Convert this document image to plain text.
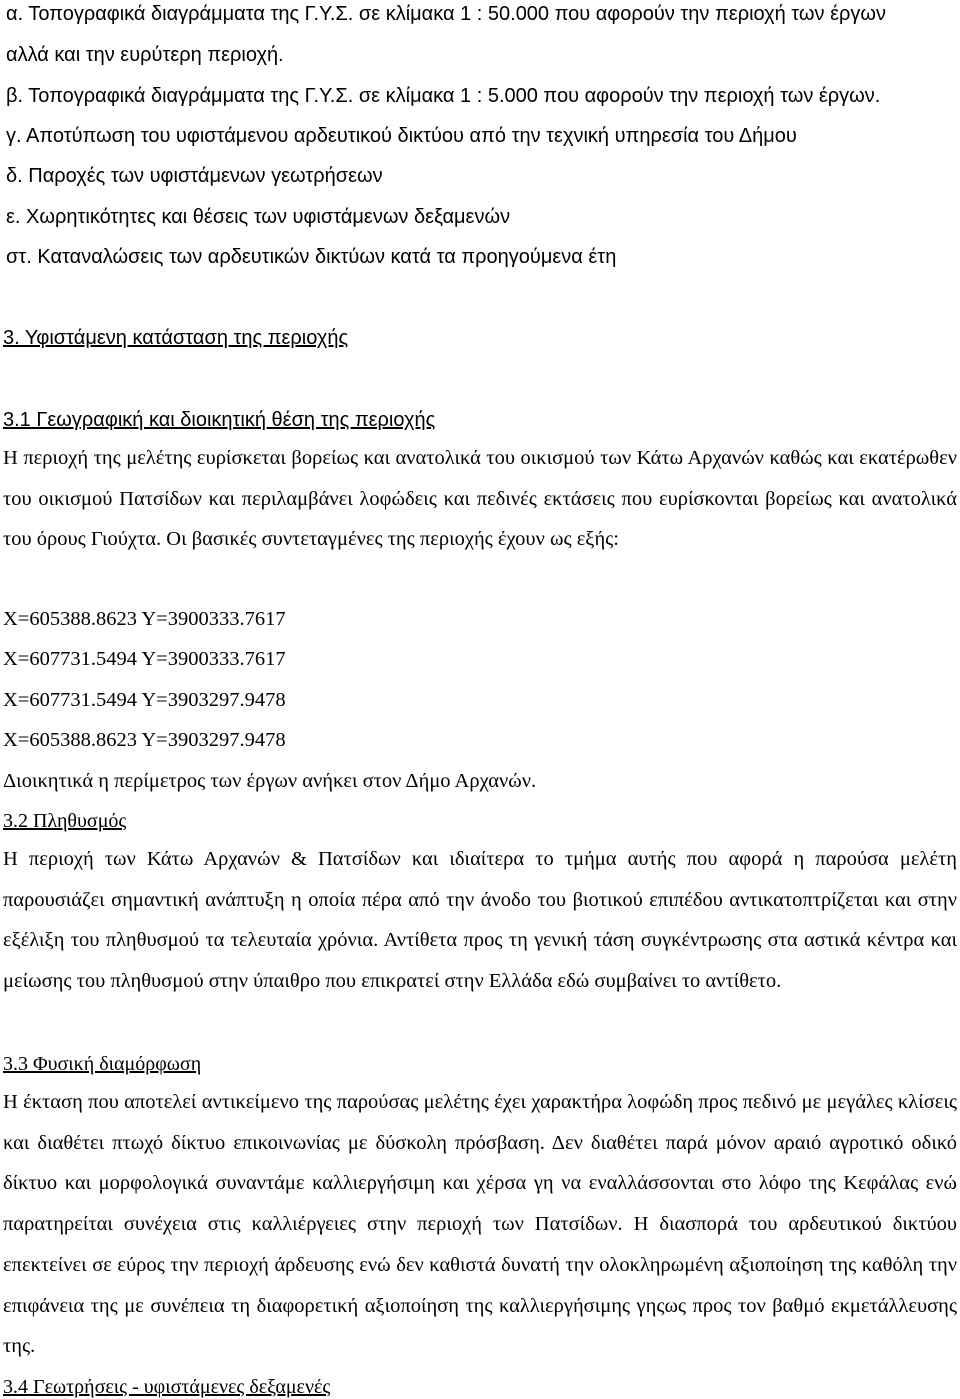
α. Τοπογραφικά διαγράμματα της Γ.Υ.Σ. σε κλίμακα 1 : 50.000 που αφορούν την περιοχή των έργων
αλλά και την ευρύτερη περιοχή.
β. Τοπογραφικά διαγράμματα της Γ.Υ.Σ. σε κλίμακα 1 : 5.000 που αφορούν την περιοχή των έργων.
γ. Αποτύπωση του υφιστάμενου αρδευτικού δικτύου από την τεχνική υπηρεσία του Δήμου
δ. Παροχές των υφιστάμενων γεωτρήσεων
ε. Χωρητικότητες και θέσεις των υφιστάμενων δεξαμενών
στ. Καταναλώσεις των αρδευτικών δικτύων κατά τα προηγούμενα έτη
3. Υφιστάμενη κατάσταση της περιοχής
3.1 Γεωγραφική και διοικητική θέση της περιοχής
Η περιοχή της μελέτης ευρίσκεται βορείως και ανατολικά του οικισμού των Κάτω Αρχανών καθώς και εκατέρωθεν του οικισμού Πατσίδων και περιλαμβάνει λοφώδεις και πεδινές εκτάσεις που ευρίσκονται βορείως και ανατολικά του όρους Γιούχτα. Οι βασικές συντεταγμένες της περιοχής έχουν ως εξής:
X=605388.8623 Y=3900333.7617
X=607731.5494 Y=3900333.7617
X=607731.5494 Y=3903297.9478
X=605388.8623 Y=3903297.9478
Διοικητικά η περίμετρος των έργων ανήκει στον Δήμο Αρχανών.
3.2 Πληθυσμός
Η περιοχή των Κάτω Αρχανών & Πατσίδων και ιδιαίτερα το τμήμα αυτής που αφορά η παρούσα μελέτη παρουσιάζει σημαντική ανάπτυξη η οποία πέρα από την άνοδο του βιοτικού επιπέδου αντικατοπτρίζεται και στην εξέλιξη του πληθυσμού τα τελευταία χρόνια. Αντίθετα προς τη γενική τάση συγκέντρωσης στα αστικά κέντρα και μείωσης του πληθυσμού στην ύπαιθρο που επικρατεί στην Ελλάδα εδώ συμβαίνει το αντίθετο.
3.3 Φυσική διαμόρφωση
Η έκταση που αποτελεί αντικείμενο της παρούσας μελέτης έχει χαρακτήρα λοφώδη προς πεδινό με μεγάλες κλίσεις και διαθέτει πτωχό δίκτυο επικοινωνίας με δύσκολη πρόσβαση. Δεν διαθέτει παρά μόνον αραιό αγροτικό οδικό δίκτυο και μορφολογικά συναντάμε καλλιεργήσιμη και χέρσα γη να εναλλάσσονται στο λόφο της Κεφάλας ενώ παρατηρείται συνέχεια στις καλλιέργειες στην περιοχή των Πατσίδων. Η διασπορά του αρδευτικού δικτύου επεκτείνει σε εύρος την περιοχή άρδευσης ενώ δεν καθιστά δυνατή την ολοκληρωμένη αξιοποίηση της καθόλη την επιφάνεια της με συνέπεια τη διαφορετική αξιοποίηση της καλλιεργήσιμης γηςως προς τον βαθμό εκμετάλλευσης της.
3.4 Γεωτρήσεις - υφιστάμενες δεξαμενές
